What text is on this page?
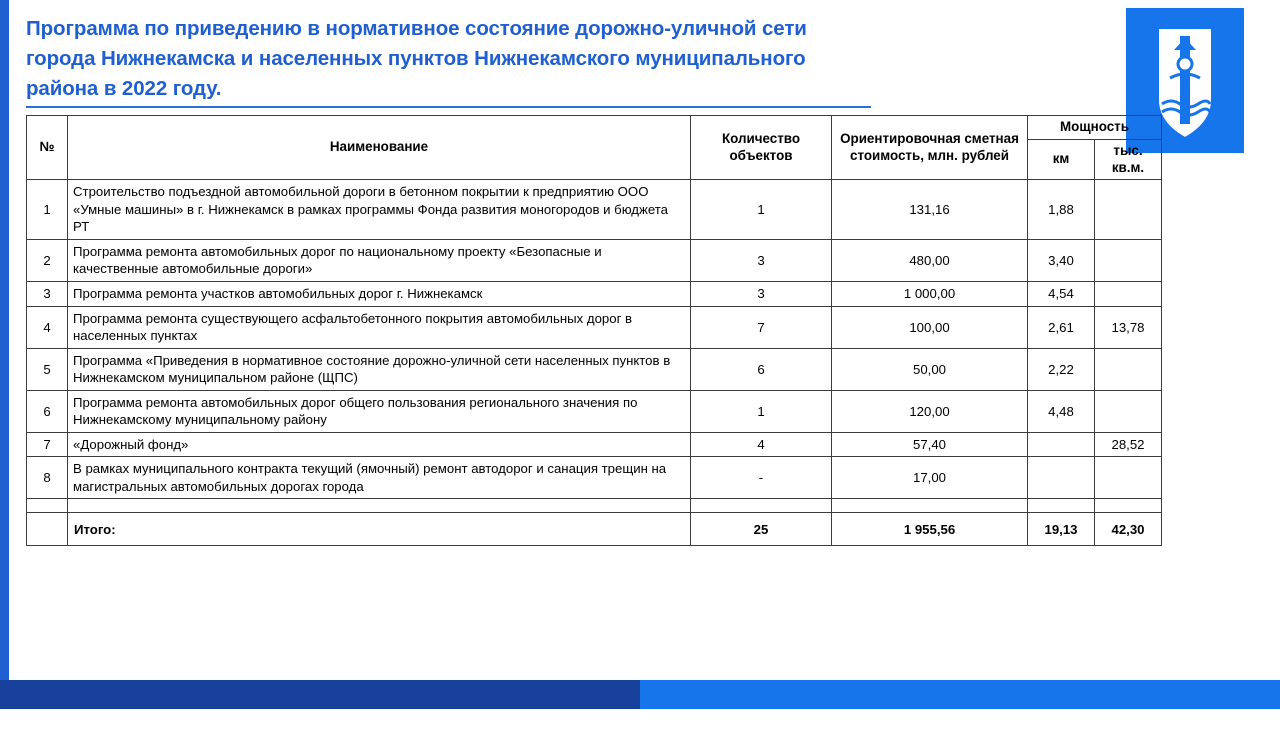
Программа по приведению в нормативное состояние дорожно-уличной сети города Нижнекамска и населенных пунктов Нижнекамского муниципального района в 2022 году.
№	Наименование	Количество объектов	Ориентировочная сметная стоимость, млн. рублей	Мощность	
				км	тыс. кв.м.
1	Строительство подъездной автомобильной дороги в бетонном покрытии к предприятию ООО «Умные машины» в г. Нижнекамск в рамках программы Фонда развития моногородов и бюджета РТ	1	131,16	1,88	
2	Программа ремонта автомобильных дорог по национальному проекту «Безопасные и качественные автомобильные дороги»	3	480,00	3,40	
3	Программа ремонта участков автомобильных дорог г. Нижнекамск	3	1 000,00	4,54	
4	Программа ремонта существующего асфальтобетонного покрытия автомобильных дорог в населенных пунктах	7	100,00	2,61	13,78
5	Программа «Приведения в нормативное состояние дорожно-уличной сети населенных пунктов в Нижнекамском муниципальном районе (ЩПС)	6	50,00	2,22	
6	Программа ремонта автомобильных дорог общего пользования регионального значения по Нижнекамскому муниципальному району	1	120,00	4,48	
7	«Дорожный фонд»	4	57,40		28,52
8	В рамках муниципального контракта текущий (ямочный) ремонт автодорог и санация трещин на магистральных автомобильных дорогах города	-	17,00		

	Итого:	25	1 955,56	19,13	42,30
